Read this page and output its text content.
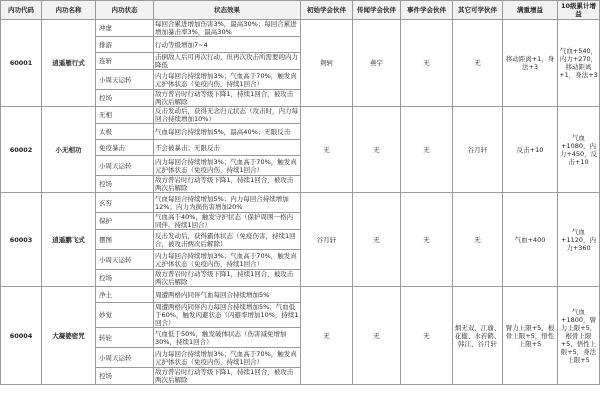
内功代码	内功名称	内功状态	状态效果	初始学会伙伴	传闻学会伙伴	事件学会伙伴	其它可学伙伴	满重增益	10级累计增益
60001	逍遥雁行式	冲虚	每回合累进增加伤害3%，最高30%；每回合累进增加暴击率3%，最高30%	荆轲	燕宇	无	无	移动距离+1，身法+3	气血+540，内力+270，移动距离+1，身法+3
		排游	行动等级增加7~4						
		连斩	击倒敌人后可再次行动，但再次攻击所需要的内力降低						
		小周天运转	内力每回合持续增加3%；气血高于70%，触发真元护体状态（免疫内伤，持续1回合）						
		控场	敌方普岩时行动等级下降1，持续1回合，被攻击两次后解除						
60002	小无相功	无相	反击发动后，获得无念归元状态（攻击时，内力每回合持续增加10%）	无	无	无	谷月轩	反击+10	气血+1080，内力+450，反击+10
		太极	气血每回合持续增加5%，最高40%；无限反击						
		免疫暴击	不会被暴击；无限反击						
		小周天运转	内力每回合持续增加3%；气血高于70%，触发真元护体状态（免疫内伤，持续1回合）						
		控场	敌方普岩时行动等级下降1，持续1回合，被攻击两次后解除						
60003	逍遥鹏飞式	玄穷	气血每回合持续增加5%；内力每回合持续增加12%；内力为损伤害增加20%	谷月轩	无	无	无	气血+400	气血+1120，内力+360
		保护	气血高于40%，触发守护状态（保护周围一格内同伴，持续1回合）						
		摆图	反击发动后，获得霸体状态（免疫伤害，持续1回合，被攻击两次后解除）						
		小周天运转	内力每回合持续增加3%；气血高于70%，触发真元护体状态（免疫内伤，持续1回合）						
		控场	敌方普岩时行动等级下降1，持续1回合，被攻击两次后解除						
60004	大凝婆密咒	净土	周遭两格内同伴气血每回合持续增加5%	无	无	无	烟无双、江瑜、花楹、水若鹤、韩江、谷月轩	臂力上限+5，根骨上限+5，悟性上限+5	气血+1800，臂力上限+5，根骨上限+5，悟性上限+5，身法上限+5
		妙觉	周遭两格内同伴内力每回合持续增加5%；气血低于60%，触发闪避状态（闪避率增加10%，持续1回合）						
		转轮	气血低于50%，触发破体状态（伤害减免增加30%，持续1回合）						
		小周天运转	内力每回合持续增加3%；气血高于70%，触发真元护体状态（免疫内伤，持续1回合）						
		控场	敌方普岩时行动等级下降1，持续1回合，被攻击两次后解除						
